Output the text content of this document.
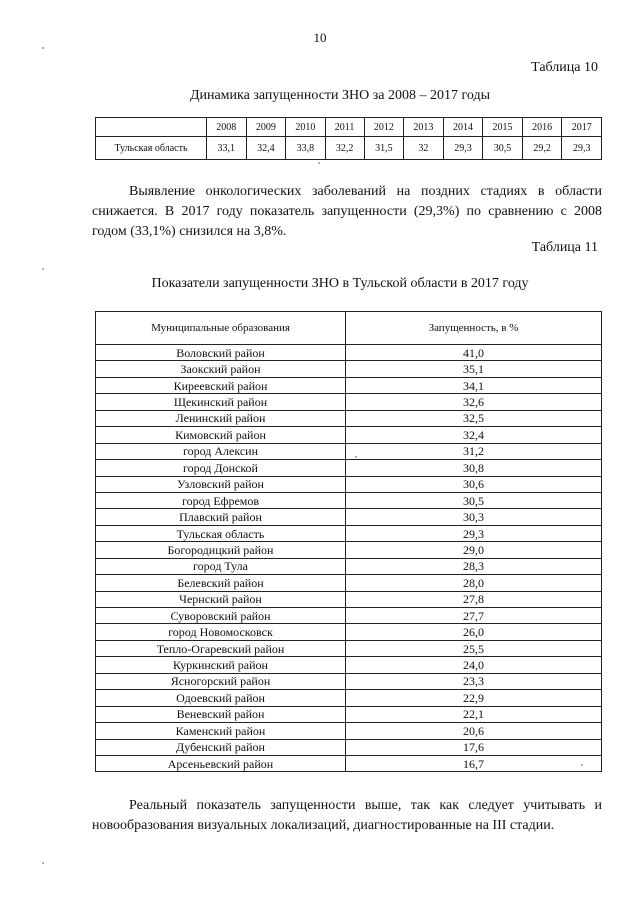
10
Таблица 10
Динамика запущенности ЗНО за 2008 – 2017 годы
	2008	2009	2010	2011	2012	2013	2014	2015	2016	2017
Тульская область	33,1	32,4	33,8	32,2	31,5	32	29,3	30,5	29,2	29,3
Выявление онкологических заболеваний на поздних стадиях в области снижается. В 2017 году показатель запущенности (29,3%) по сравнению с 2008 годом (33,1%) снизился на 3,8%.
Таблица 11
Показатели запущенности ЗНО в Тульской области в 2017 году
Муниципальные образования	Запущенность, в %
Воловский район	41,0
Заокский район	35,1
Киреевский район	34,1
Щекинский район	32,6
Ленинский район	32,5
Кимовский район	32,4
город Алексин	31,2
город Донской	30,8
Узловский район	30,6
город Ефремов	30,5
Плавский район	30,3
Тульская область	29,3
Богородицкий район	29,0
город Тула	28,3
Белевский район	28,0
Чернский район	27,8
Суворовский район	27,7
город Новомосковск	26,0
Тепло-Огаревский район	25,5
Куркинский район	24,0
Ясногорский район	23,3
Одоевский район	22,9
Веневский район	22,1
Каменский район	20,6
Дубенский район	17,6
Арсеньевский район	16,7
Реальный показатель запущенности выше, так как следует учитывать и новообразования визуальных локализаций, диагностированные на III стадии.
